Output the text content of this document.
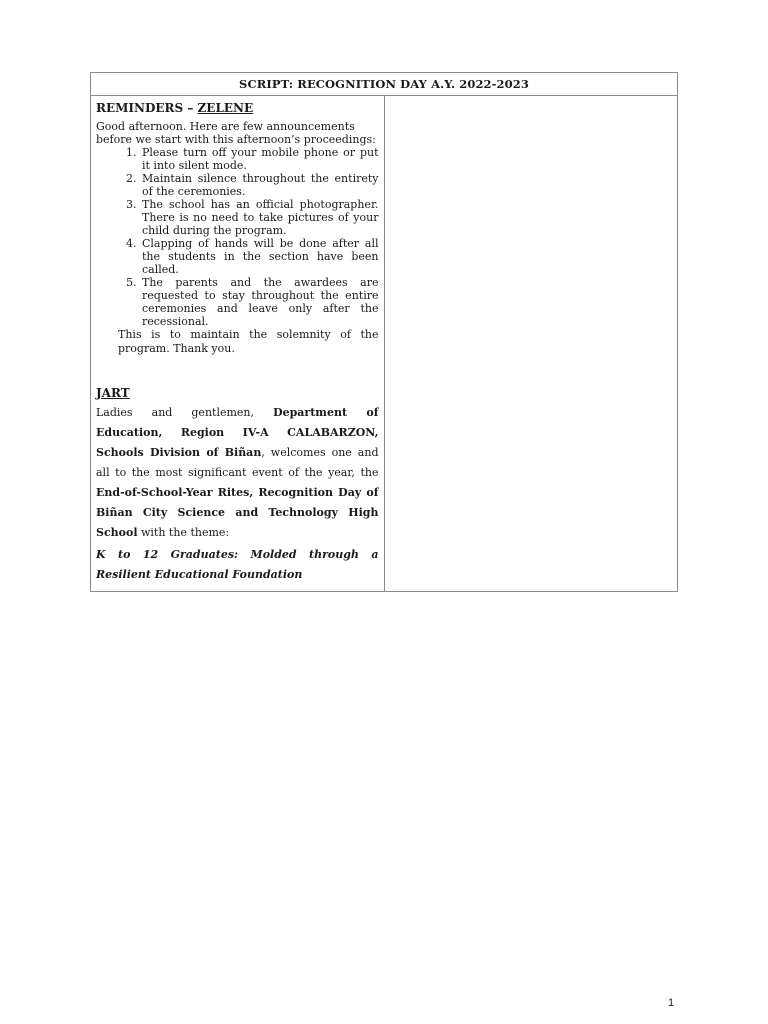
SCRIPT: RECOGNITION DAY A.Y. 2022-2023

REMINDERS – ZELENE

Good afternoon. Here are few announcements before we start with this afternoon’s proceedings:

1. Please turn off your mobile phone or put it into silent mode.
2. Maintain silence throughout the entirety of the ceremonies.
3. The school has an official photographer. There is no need to take pictures of your child during the program.
4. Clapping of hands will be done after all the students in the section have been called.
5. The parents and the awardees are requested to stay throughout the entire ceremonies and leave only after the recessional.

This is to maintain the solemnity of the program. Thank you.

JART

Ladies and gentlemen, Department of Education, Region IV-A CALABARZON, Schools Division of Biñan, welcomes one and all to the most significant event of the year, the End-of-School-Year Rites, Recognition Day of Biñan City Science and Technology High School with the theme:

K to 12 Graduates: Molded through a Resilient Educational Foundation

1
